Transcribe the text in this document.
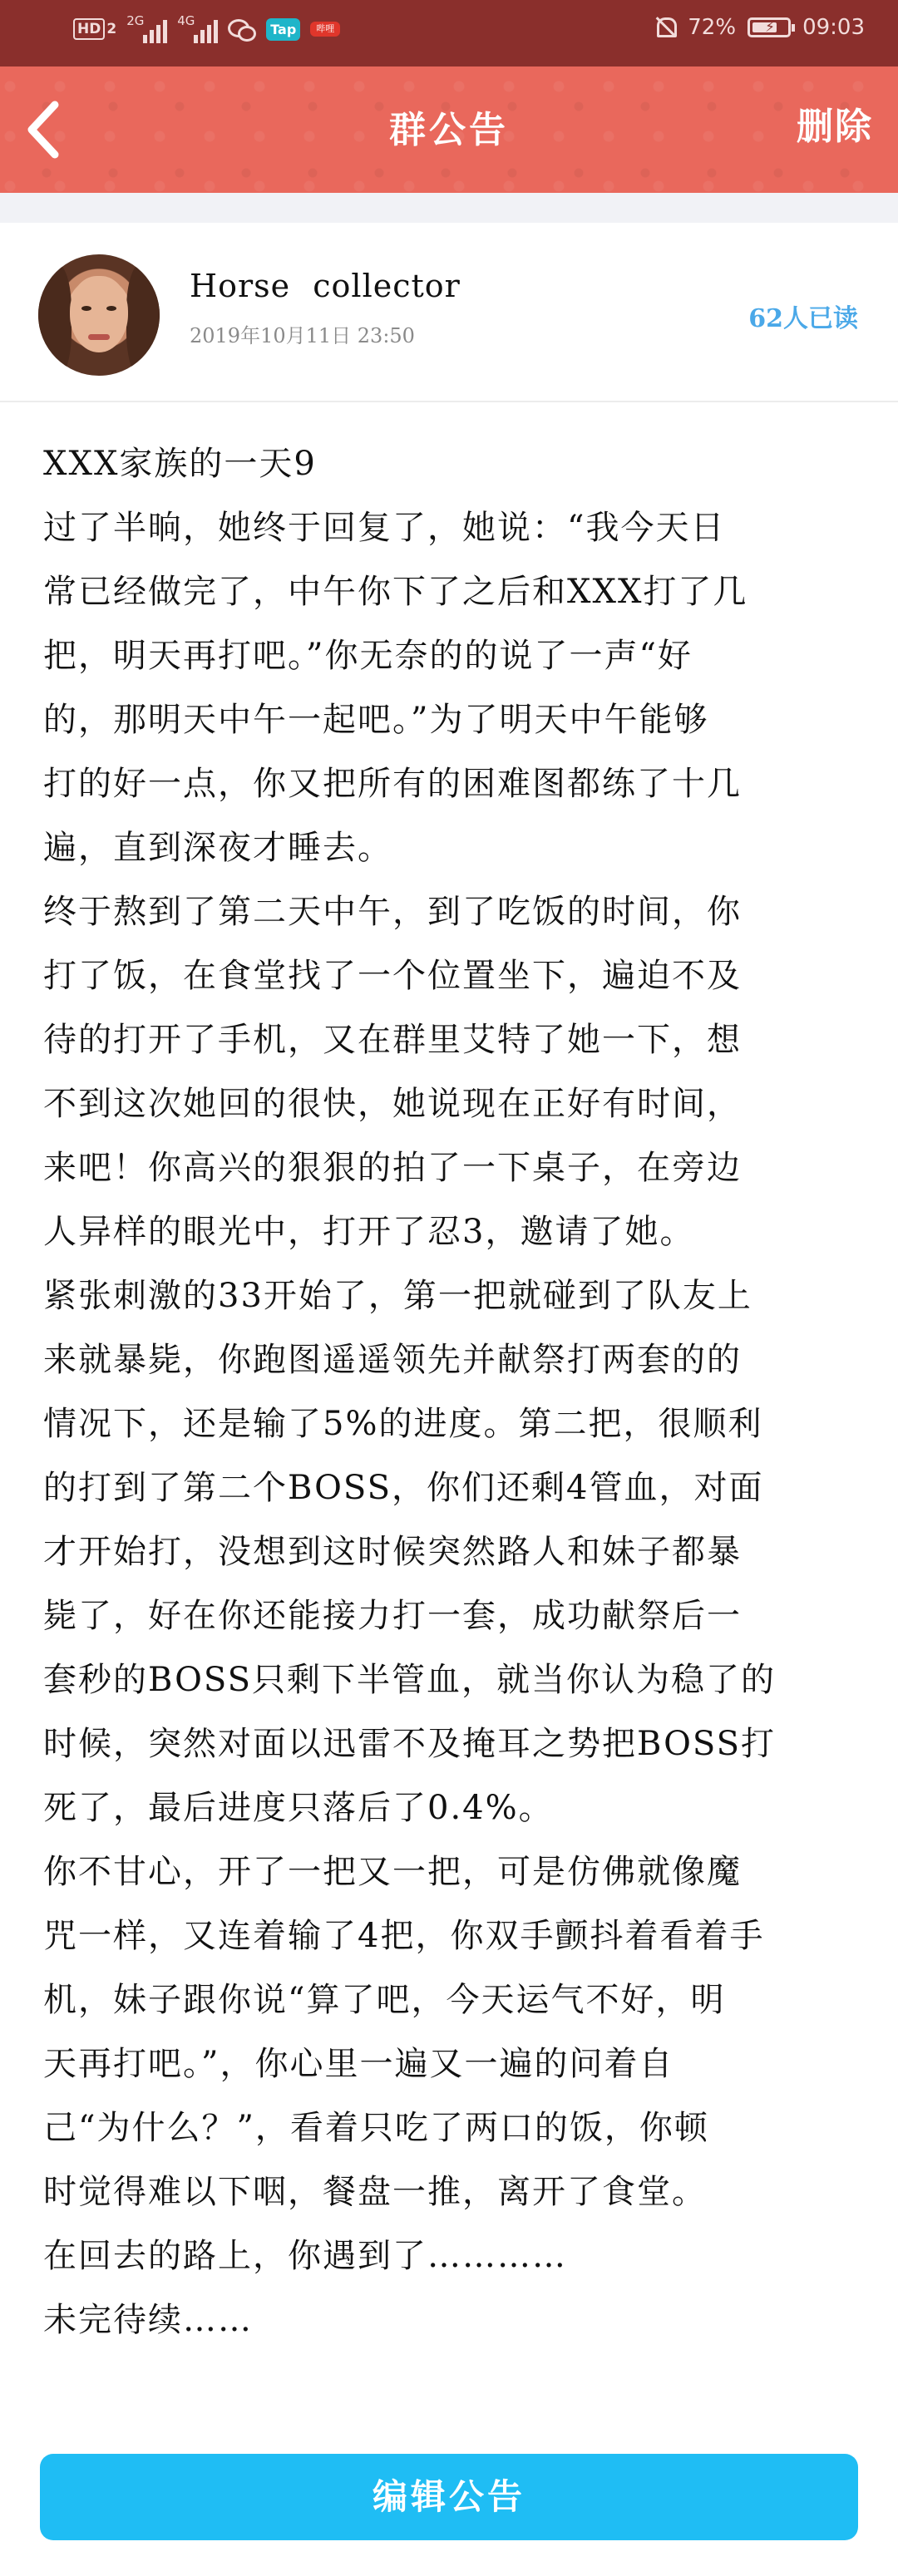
HD 2 2G	4G
Tap	哔哩	72% ⚡ 09:03
群公告	删除
Horse collector
2019年10月11日 23:50
62人已读

XXX家族的一天9

过了半晌，她终于回复了，她说：“我今天日

常已经做完了，中午你下了之后和XXX打了几

把，明天再打吧。”你无奈的的说了一声“好

的，那明天中午一起吧。”为了明天中午能够

打的好一点，你又把所有的困难图都练了十几

遍，直到深夜才睡去。

终于熬到了第二天中午，到了吃饭的时间，你

打了饭，在食堂找了一个位置坐下，遍迫不及

待的打开了手机，又在群里艾特了她一下，想

不到这次她回的很快，她说现在正好有时间，

来吧！你高兴的狠狠的拍了一下桌子，在旁边

人异样的眼光中，打开了忍3，邀请了她。

紧张刺激的33开始了，第一把就碰到了队友上

来就暴毙，你跑图遥遥领先并献祭打两套的的

情况下，还是输了5%的进度。第二把，很顺利

的打到了第二个BOSS，你们还剩4管血，对面

才开始打，没想到这时候突然路人和妹子都暴

毙了，好在你还能接力打一套，成功献祭后一

套秒的BOSS只剩下半管血，就当你认为稳了的

时候，突然对面以迅雷不及掩耳之势把BOSS打

死了，最后进度只落后了0.4%。

你不甘心，开了一把又一把，可是仿佛就像魔

咒一样，又连着输了4把，你双手颤抖着看着手

机，妹子跟你说“算了吧，今天运气不好，明

天再打吧。”，你心里一遍又一遍的问着自

己“为什么？”，看着只吃了两口的饭，你顿

时觉得难以下咽，餐盘一推，离开了食堂。

在回去的路上，你遇到了…………

未完待续……

编辑公告
